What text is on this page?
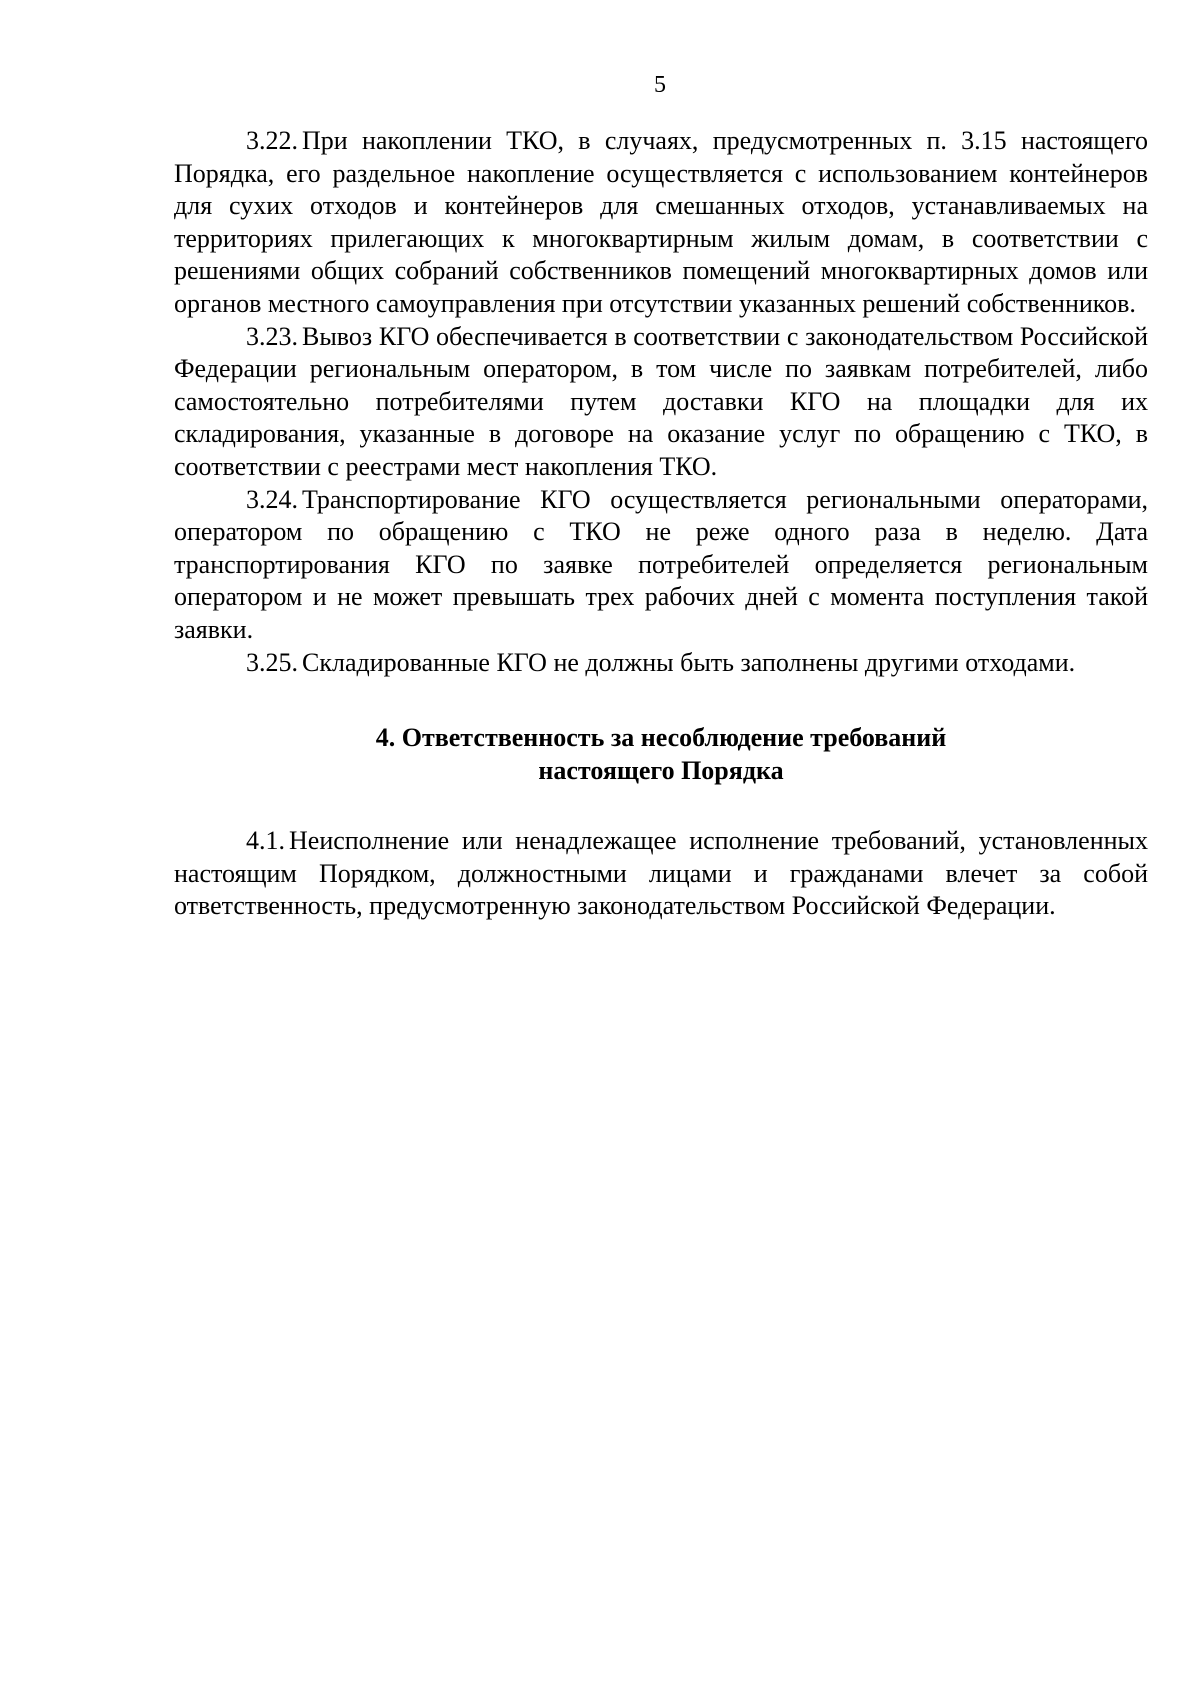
5

3.22. При накоплении ТКО, в случаях, предусмотренных п. 3.15 настоящего Порядка, его раздельное накопление осуществляется с использованием контейнеров для сухих отходов и контейнеров для смешанных отходов, устанавливаемых на территориях прилегающих к многоквартирным жилым домам, в соответствии с решениями общих собраний собственников помещений многоквартирных домов или органов местного самоуправления при отсутствии указанных решений собственников.

3.23. Вывоз КГО обеспечивается в соответствии с законодательством Российской Федерации региональным оператором, в том числе по заявкам потребителей, либо самостоятельно потребителями путем доставки КГО на площадки для их складирования, указанные в договоре на оказание услуг по обращению с ТКО, в соответствии с реестрами мест накопления ТКО.

3.24. Транспортирование КГО осуществляется региональными операторами, оператором по обращению с ТКО не реже одного раза в неделю. Дата транспортирования КГО по заявке потребителей определяется региональным оператором и не может превышать трех рабочих дней с момента поступления такой заявки.

3.25. Складированные КГО не должны быть заполнены другими отходами.

4. Ответственность за несоблюдение требований
настоящего Порядка

4.1. Неисполнение или ненадлежащее исполнение требований, установленных настоящим Порядком, должностными лицами и гражданами влечет за собой ответственность, предусмотренную законодательством Российской Федерации.
